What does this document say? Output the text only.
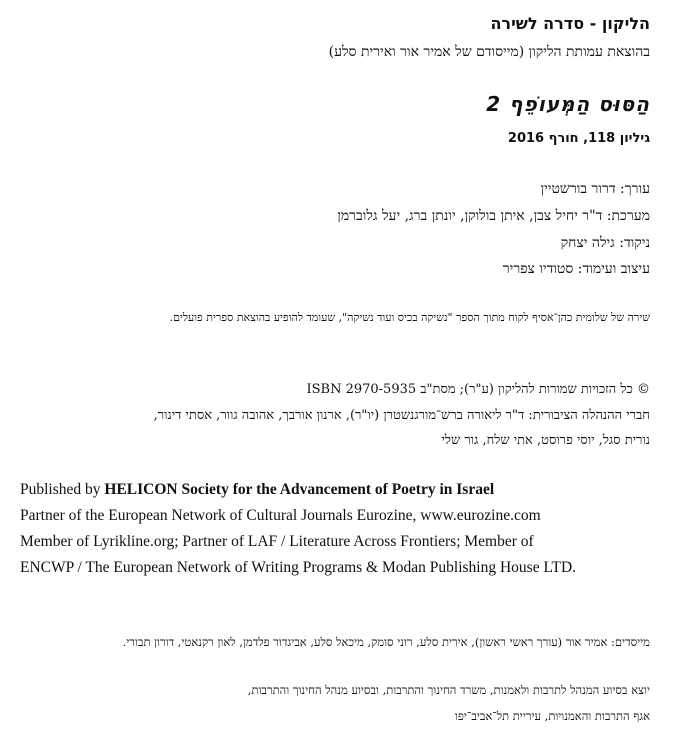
הליקון - סדרה לשירה
בהוצאת עמותת הליקון (מייסודם של אמיר אור ואירית סלע)
הַסּוּס הַמְּעוֹפֵף 2
גיליון 118, חורף 2016
עורך: דרור בורשטיין
מערכת: ד"ר יחיל צבן, איתן בולוקן, יונתן ברג, יעל גלוברמן
ניקוד: גילה יצחק
עיצוב ועימוד: סטודיו צפריר
שירה של שלומית כהן־אסיף לקוח מתוך הספר "נשיקה בכיס ועוד נשיקה", שעומד להופיע בהוצאת ספרית פועלים.
© כל הזכויות שמורות להליקון (ע"ר); מסת"ב ISBN 2970-5935
חברי ההנהלה הציבורית: ד"ר ליאורה ברש־מורגנשטרן (יו"ר), ארנון אורבך, אהובה גוור, אסתי דינור,
נורית סגל, יוסי פרוסט, אתי שלח, גור שלי
Published by HELICON Society for the Advancement of Poetry in Israel
Partner of the European Network of Cultural Journals Eurozine, www.eurozine.com
Member of Lyrikline.org; Partner of LAF / Literature Across Frontiers; Member of
ENCWP / The European Network of Writing Programs & Modan Publishing House LTD.
מייסדים: אמיר אור (עורך ראשי ראשון), אירית סלע, רוני סומק, מיכאל סלע, אביגדור פלדמן, לאון רקנאטי, דורון תבורי.
יוצא בסיוע המנהל לתרבות ולאמנות, משרד החינוך והתרבות, ובסיוע מנהל החינוך והתרבות,
אגף התרבות והאמנויות, עיריית תל־אביב־יפו
